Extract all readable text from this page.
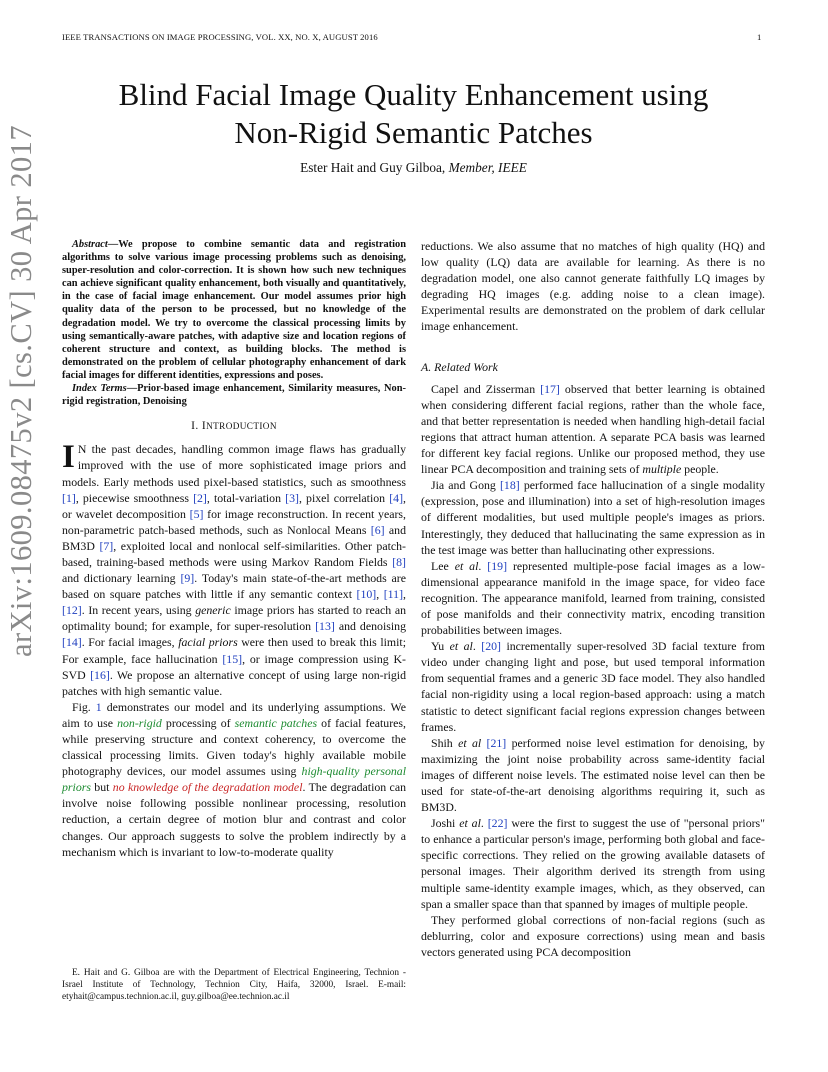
IEEE TRANSACTIONS ON IMAGE PROCESSING, VOL. XX, NO. X, AUGUST 2016	1
arXiv:1609.08475v2 [cs.CV] 30 Apr 2017
Blind Facial Image Quality Enhancement using
Non-Rigid Semantic Patches
Ester Hait and Guy Gilboa, Member, IEEE

Abstract—We propose to combine semantic data and registration algorithms to solve various image processing problems such as denoising, super-resolution and color-correction. It is shown how such new techniques can achieve significant quality enhancement, both visually and quantitatively, in the case of facial image enhancement. Our model assumes prior high quality data of the person to be processed, but no knowledge of the degradation model. We try to overcome the classical processing limits by using semantically-aware patches, with adaptive size and location regions of coherent structure and context, as building blocks. The method is demonstrated on the problem of cellular photography enhancement of dark facial images for different identities, expressions and poses.

Index Terms—Prior-based image enhancement, Similarity measures, Non-rigid registration, Denoising

I. INTRODUCTION

I N the past decades, handling common image flaws has gradually improved with the use of more sophisticated image priors and models. Early methods used pixel-based statistics, such as smoothness [1], piecewise smoothness [2], total-variation [3], pixel correlation [4], or wavelet decomposition [5] for image reconstruction. In recent years, non-parametric patch-based methods, such as Nonlocal Means [6] and BM3D [7], exploited local and nonlocal self-similarities. Other patch-based, training-based methods were using Markov Random Fields [8] and dictionary learning [9]. Today's main state-of-the-art methods are based on square patches with little if any semantic context [10], [11], [12]. In recent years, using generic image priors has started to reach an optimality bound; for example, for super-resolution [13] and denoising [14]. For facial images, facial priors were then used to break this limit; For example, face hallucination [15], or image compression using K-SVD [16]. We propose an alternative concept of using large non-rigid patches with high semantic value.

Fig. 1 demonstrates our model and its underlying assumptions. We aim to use non-rigid processing of semantic patches of facial features, while preserving structure and context coherency, to overcome the classical processing limits. Given today's highly available mobile photography devices, our model assumes using high-quality personal priors but no knowledge of the degradation model. The degradation can involve noise following possible nonlinear processing, resolution reduction, a certain degree of motion blur and contrast and color changes. Our approach suggests to solve the problem indirectly by a mechanism which is invariant to low-to-moderate quality

E. Hait and G. Gilboa are with the Department of Electrical Engineering, Technion - Israel Institute of Technology, Technion City, Haifa, 32000, Israel. E-mail: etyhait@campus.technion.ac.il, guy.gilboa@ee.technion.ac.il

reductions. We also assume that no matches of high quality (HQ) and low quality (LQ) data are available for learning. As there is no degradation model, one also cannot generate faithfully LQ images by degrading HQ images (e.g. adding noise to a clean image). Experimental results are demonstrated on the problem of dark cellular image enhancement.

A. Related Work

Capel and Zisserman [17] observed that better learning is obtained when considering different facial regions, rather than the whole face, and that better representation is needed when handling high-detail facial regions that attract human attention. A separate PCA basis was learned for different key facial regions. Unlike our proposed method, they use linear PCA decomposition and training sets of multiple people.

Jia and Gong [18] performed face hallucination of a single modality (expression, pose and illumination) into a set of high-resolution images of different modalities, but used multiple people's images as priors. Interestingly, they deduced that hallucinating the same expression as in the test image was better than hallucinating other expressions.

Lee et al. [19] represented multiple-pose facial images as a low-dimensional appearance manifold in the image space, for video face recognition. The appearance manifold, learned from training, consisted of pose manifolds and their connectivity matrix, encoding transition probabilities between images.

Yu et al. [20] incrementally super-resolved 3D facial texture from video under changing light and pose, but used temporal information from sequential frames and a generic 3D face model. They also handled facial non-rigidity using a local region-based approach: using a match statistic to detect significant facial regions expression changes between frames.

Shih et al [21] performed noise level estimation for denoising, by maximizing the joint noise probability across same-identity facial images of different noise levels. The estimated noise level can then be used for state-of-the-art denoising algorithms requiring it, such as BM3D.

Joshi et al. [22] were the first to suggest the use of "personal priors" to enhance a particular person's image, performing both global and face-specific corrections. They relied on the growing available datasets of personal images. Their algorithm derived its strength from using multiple same-identity example images, which, as they observed, can span a smaller space than that spanned by images of multiple people.

They performed global corrections of non-facial regions (such as deblurring, color and exposure corrections) using mean and basis vectors generated using PCA decomposition
